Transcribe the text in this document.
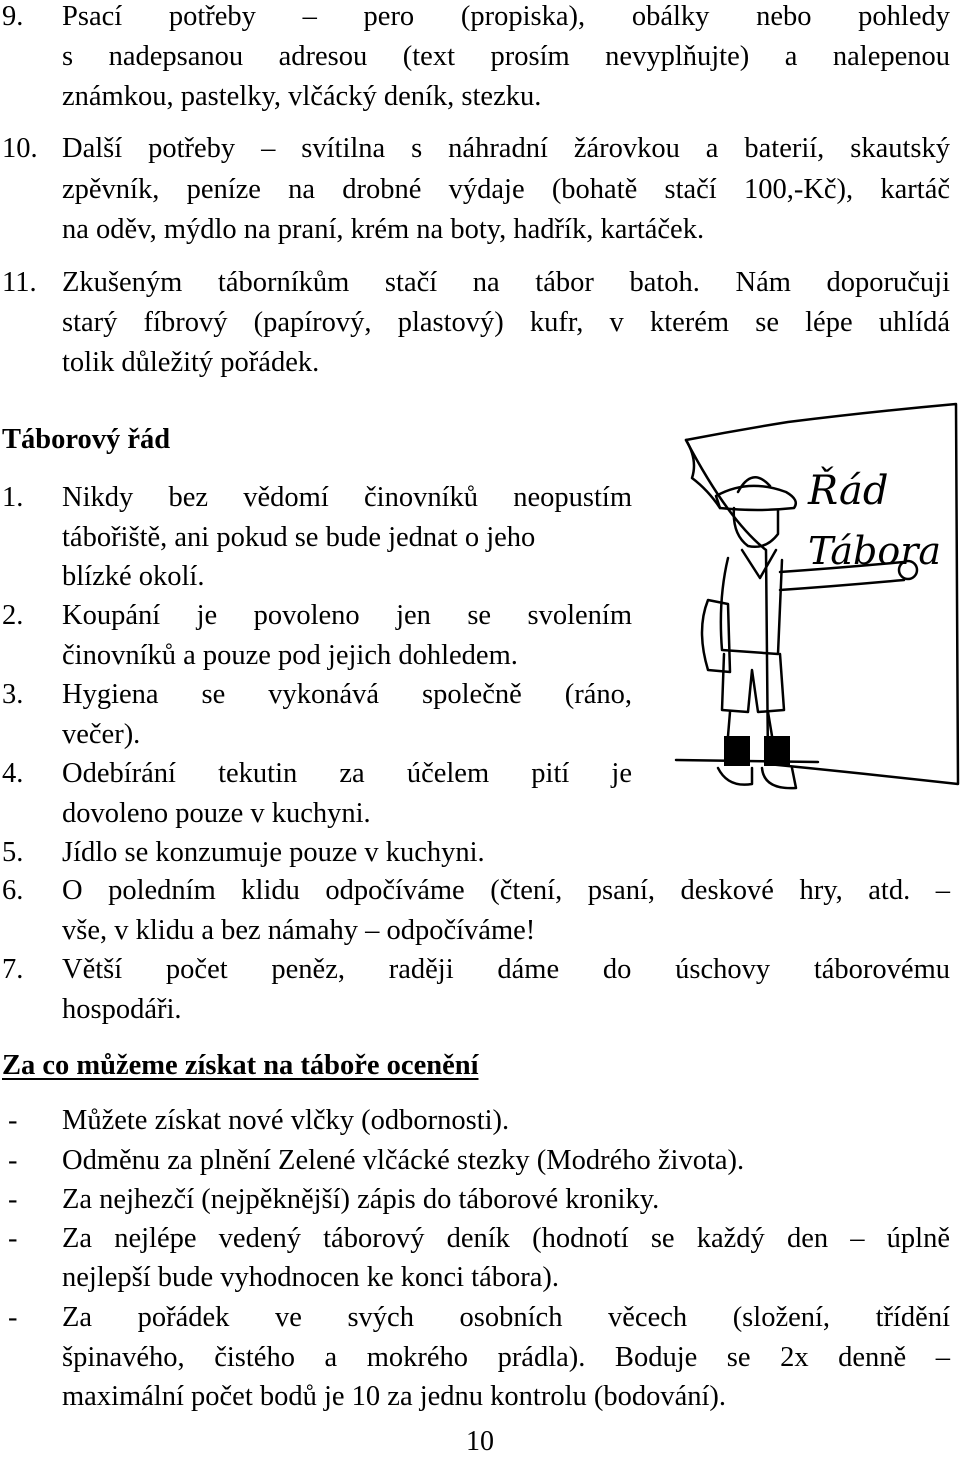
9. Psací potřeby – pero (propiska), obálky nebo pohledy
s nadepsanou adresou (text prosím nevyplňujte) a nalepenou
známkou, pastelky, vlčácký deník, stezku.
10. Další potřeby – svítilna s náhradní žárovkou a baterií, skautský
zpěvník, peníze na drobné výdaje (bohatě stačí 100,-Kč), kartáč
na oděv, mýdlo na praní, krém na boty, hadřík, kartáček.
11. Zkušeným táborníkům stačí na tábor batoh. Nám doporučuji
starý fíbrový (papírový, plastový) kufr, v kterém se lépe uhlídá
tolik důležitý pořádek.
Táborový řád
1. Nikdy bez vědomí činovníků neopustím
tábořiště, ani pokud se bude jednat o jeho
blízké okolí.
2. Koupání je povoleno jen se svolením
činovníků a pouze pod jejich dohledem.
3. Hygiena se vykonává společně (ráno,
večer).
4. Odebírání tekutin za účelem pití je
dovoleno pouze v kuchyni.
5. Jídlo se konzumuje pouze v kuchyni.
6. O poledním klidu odpočíváme (čtení, psaní, deskové hry, atd. –
vše, v klidu a bez námahy – odpočíváme!
7. Větší počet peněz, raději dáme do úschovy táborovému
hospodáři.
Za co můžeme získat na táboře ocenění
- Můžete získat nové vlčky (odbornosti).
- Odměnu za plnění Zelené vlčácké stezky (Modrého života).
- Za nejhezčí (nejpěknější) zápis do táborové kroniky.
- Za nejlépe vedený táborový deník (hodnotí se každý den – úplně
nejlepší bude vyhodnocen ke konci tábora).
- Za pořádek ve svých osobních věcech (složení, třídění
špinavého, čistého a mokrého prádla). Boduje se 2x denně –
maximální počet bodů je 10 za jednu kontrolu (bodování).
10
Řád
Tábora
